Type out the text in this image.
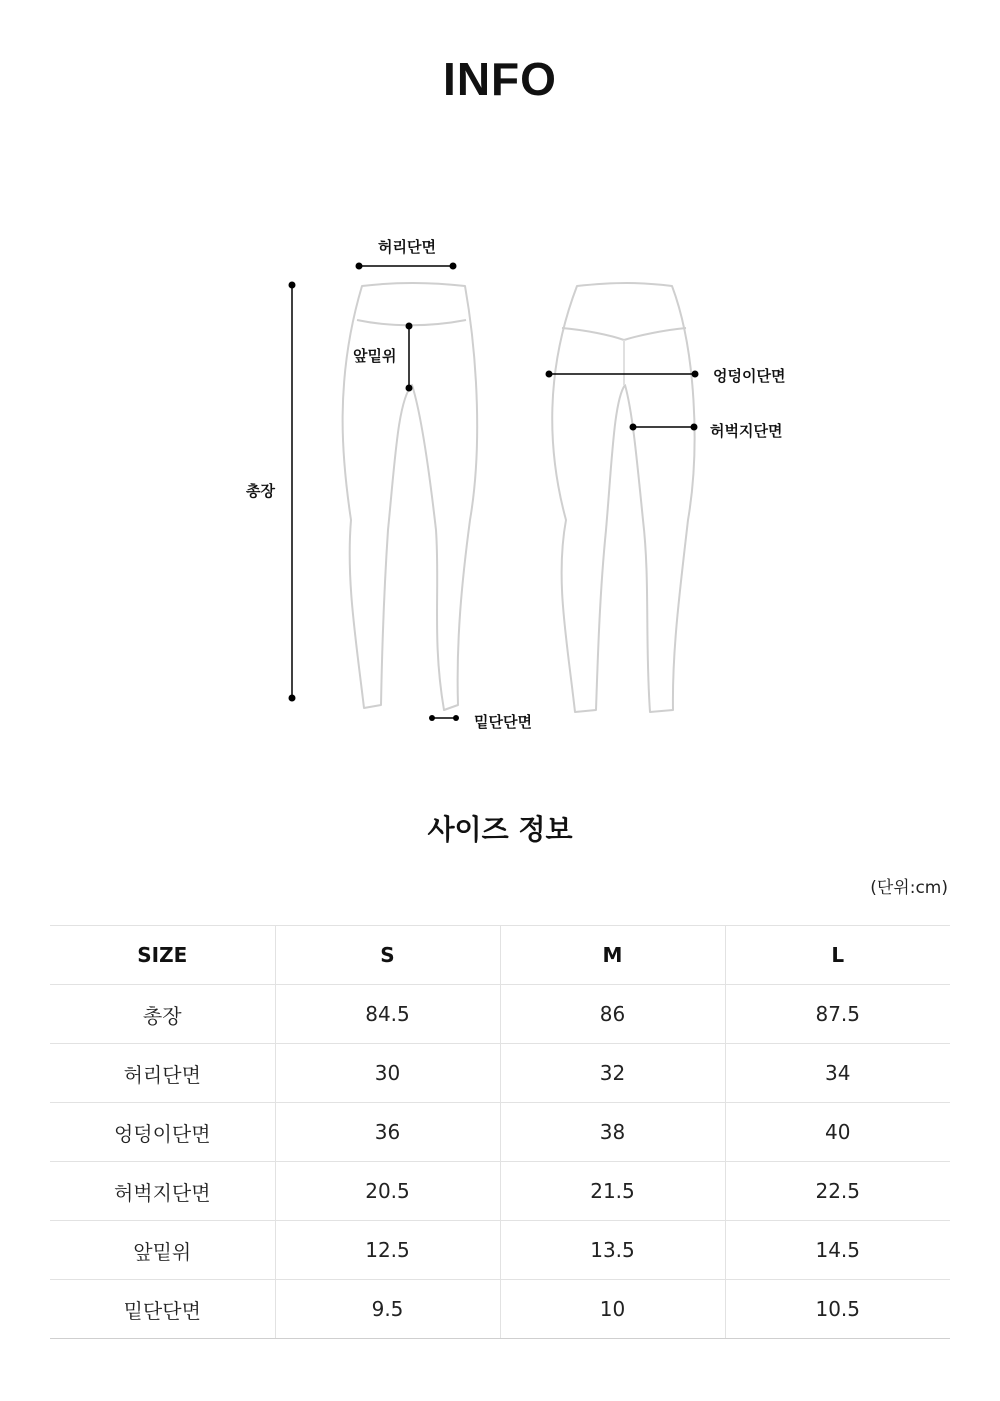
INFO
허리단면
앞밑위
엉덩이단면
허벅지단면
총장
밑단단면
사이즈 정보
(단위:cm)
SIZE	S	M	L
총장	84.5	86	87.5
허리단면	30	32	34
엉덩이단면	36	38	40
허벅지단면	20.5	21.5	22.5
앞밑위	12.5	13.5	14.5
밑단단면	9.5	10	10.5
